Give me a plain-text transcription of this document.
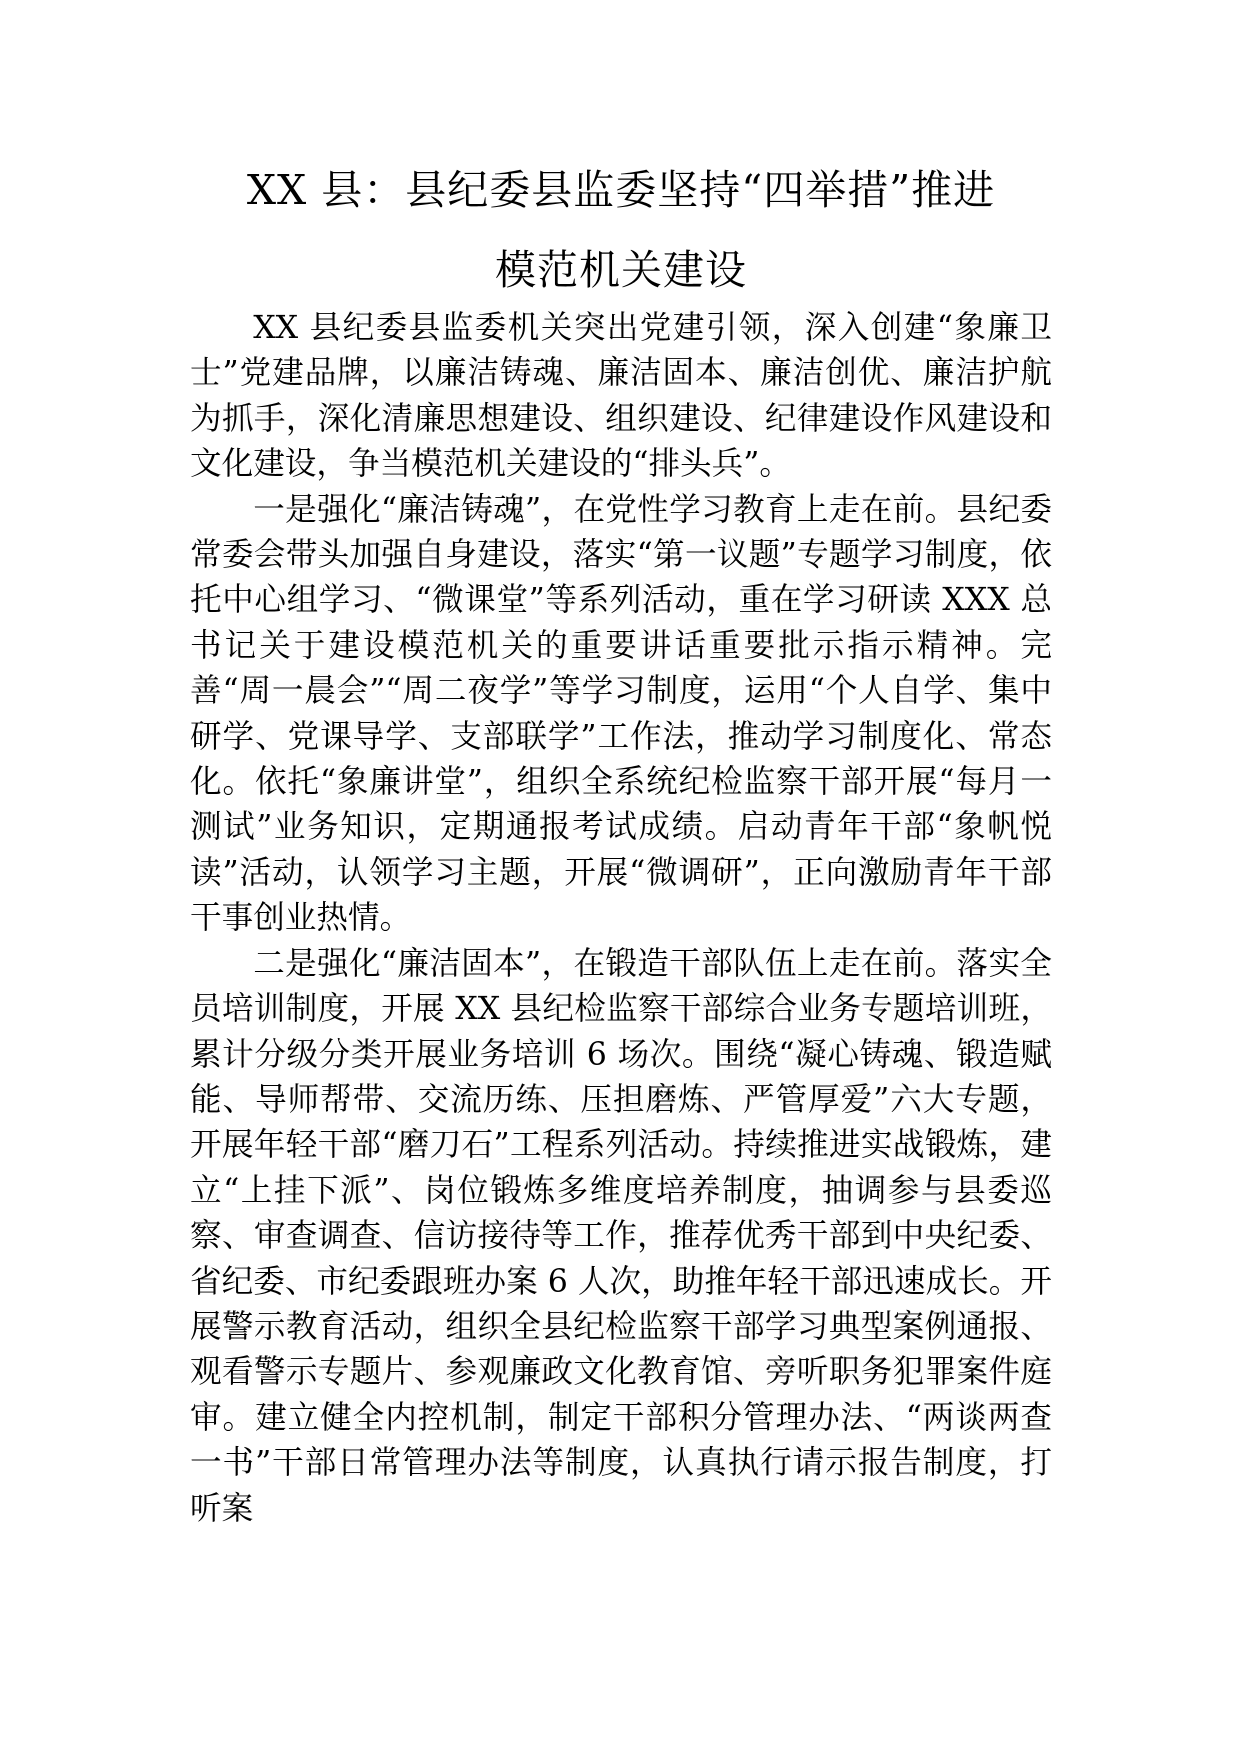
XX 县：县纪委县监委坚持“四举措”推进
模范机关建设

XX 县纪委县监委机关突出党建引领，深入创建“象廉卫士”党建品牌，以廉洁铸魂、廉洁固本、廉洁创优、廉洁护航为抓手，深化清廉思想建设、组织建设、纪律建设作风建设和文化建设，争当模范机关建设的“排头兵”。

一是强化“廉洁铸魂”，在党性学习教育上走在前。县纪委常委会带头加强自身建设，落实“第一议题”专题学习制度，依托中心组学习、“微课堂”等系列活动，重在学习研读 XXX 总书记关于建设模范机关的重要讲话重要批示指示精神。完善“周一晨会”“周二夜学”等学习制度，运用“个人自学、集中研学、党课导学、支部联学”工作法，推动学习制度化、常态化。依托“象廉讲堂”，组织全系统纪检监察干部开展“每月一测试”业务知识，定期通报考试成绩。启动青年干部“象帆悦读”活动，认领学习主题，开展“微调研”，正向激励青年干部干事创业热情。

二是强化“廉洁固本”，在锻造干部队伍上走在前。落实全员培训制度，开展 XX 县纪检监察干部综合业务专题培训班，累计分级分类开展业务培训 6 场次。围绕“凝心铸魂、锻造赋能、导师帮带、交流历练、压担磨炼、严管厚爱”六大专题，开展年轻干部“磨刀石”工程系列活动。持续推进实战锻炼，建立“上挂下派”、岗位锻炼多维度培养制度，抽调参与县委巡察、审查调查、信访接待等工作，推荐优秀干部到中央纪委、省纪委、市纪委跟班办案 6 人次，助推年轻干部迅速成长。开展警示教育活动，组织全县纪检监察干部学习典型案例通报、观看警示专题片、参观廉政文化教育馆、旁听职务犯罪案件庭审。建立健全内控机制，制定干部积分管理办法、“两谈两查一书”干部日常管理办法等制度，认真执行请示报告制度，打听案
